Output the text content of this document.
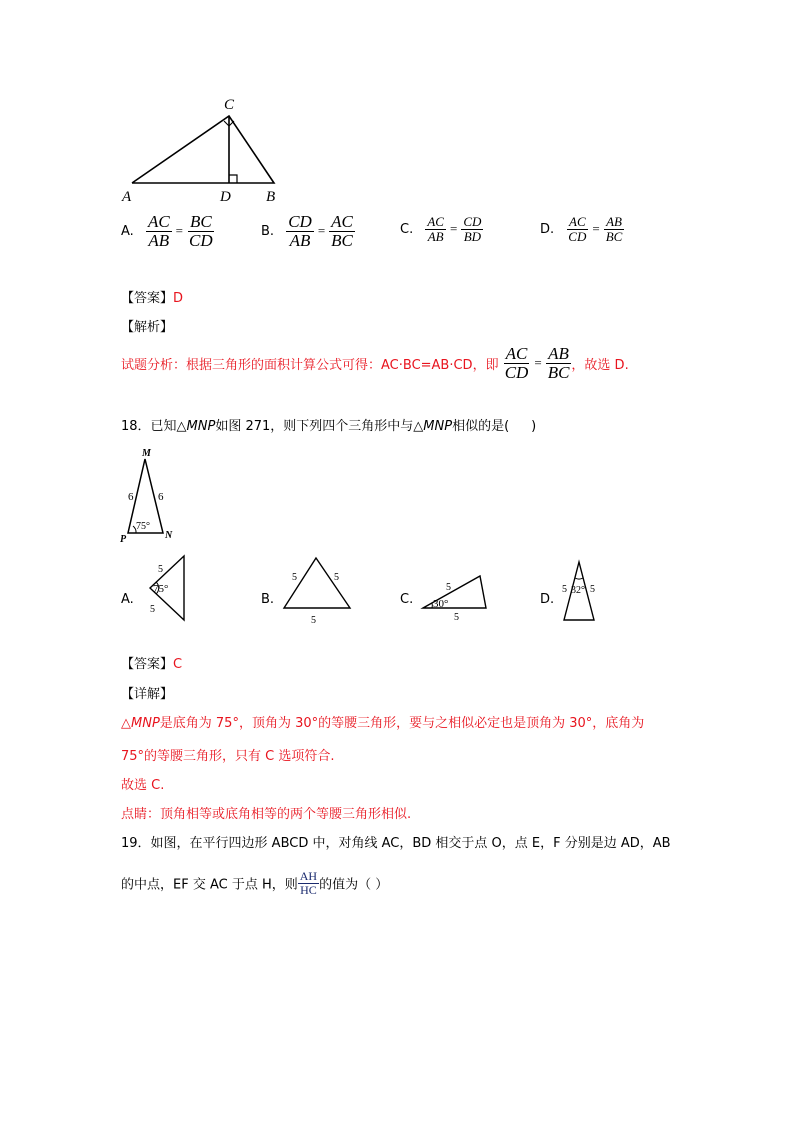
C
A	D B
A. $\frac{AC}{AB} = \frac{BC}{CD}$	B. $\frac{CD}{AB} = \frac{AC}{BC}$	C. $\frac{AC}{AB} = \frac{CD}{BD}$	D. $\frac{AC}{CD} = \frac{AB}{BC}$
【答案】D
【解析】
试题分析：根据三角形的面积计算公式可得：AC·BC=AB·CD，即 $\frac{AC}{CD} = \frac{AB}{BC}$ ，故选 D.
18．已知△MNP如图 271，则下列四个三角形中与△MNP相似的是( )
M
6 6
75°
P	N
A.
5
75°
5
B.
5	5
5
C.
5
30°
5
D.
5 32° 5
【答案】C
【详解】
△MNP是底角为 75°，顶角为 30°的等腰三角形，要与之相似必定也是顶角为 30°，底角为
75°的等腰三角形，只有 C 选项符合.
故选 C.
点睛：顶角相等或底角相等的两个等腰三角形相似.
19．如图，在平行四边形 ABCD 中，对角线 AC，BD 相交于点 O，点 E，F 分别是边 AD，AB
的中点，EF 交 AC 于点 H，则 $\frac{AH}{HC}$ 的值为（ ）
